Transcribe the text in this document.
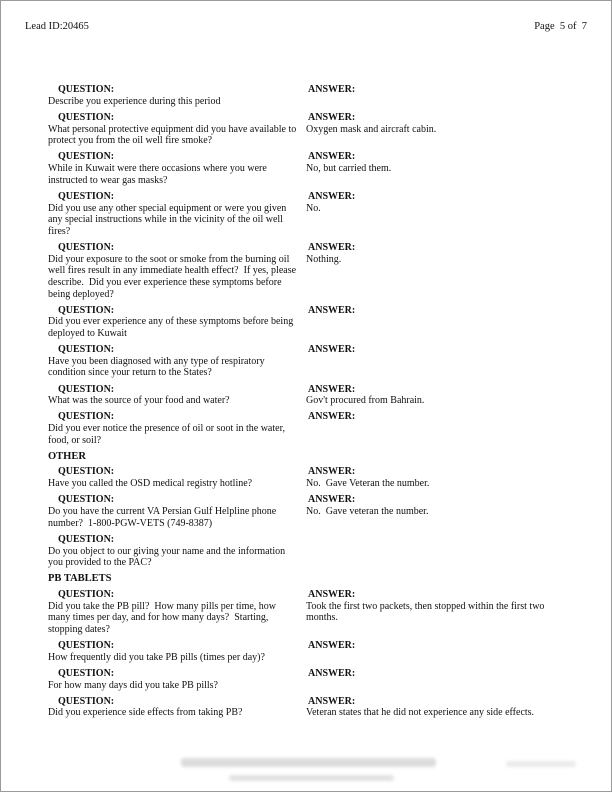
Lead ID:20465	Page  5 of  7
QUESTION:
Describe you experience during this period
ANSWER:
QUESTION:
What personal protective equipment did you have available to protect you from the oil well fire smoke?
ANSWER:
Oxygen mask and aircraft cabin.
QUESTION:
While in Kuwait were there occasions where you were instructed to wear gas masks?
ANSWER:
No, but carried them.
QUESTION:
Did you use any other special equipment or were you given any special instructions while in the vicinity of the oil well fires?
ANSWER:
No.
QUESTION:
Did your exposure to the soot or smoke from the burning oil well fires result in any immediate health effect?  If yes, please describe.  Did you ever experience these symptoms before being deployed?
ANSWER:
Nothing.
QUESTION:
Did you ever experience any of these symptoms before being deployed to Kuwait
ANSWER:
QUESTION:
Have you been diagnosed with any type of respiratory condition since your return to the States?
ANSWER:
QUESTION:
What was the source of your food and water?
ANSWER:
Gov't procured from Bahrain.
QUESTION:
Did you ever notice the presence of oil or soot in the water, food, or soil?
ANSWER:
OTHER
QUESTION:
Have you called the OSD medical registry hotline?
ANSWER:
No.  Gave Veteran the number.
QUESTION:
Do you have the current VA Persian Gulf Helpline phone number?  1-800-PGW-VETS (749-8387)
ANSWER:
No.  Gave veteran the number.
QUESTION:
Do you object to our giving your name and the information you provided to the PAC?
PB TABLETS
QUESTION:
Did you take the PB pill?  How many pills per time, how many times per day, and for how many days?  Starting, stopping dates?
ANSWER:
Took the first two packets, then stopped within the first two months.
QUESTION:
How frequently did you take PB pills (times per day)?
ANSWER:
QUESTION:
For how many days did you take PB pills?
ANSWER:
QUESTION:
Did you experience side effects from taking PB?
ANSWER:
Veteran states that he did not experience any side effects.
